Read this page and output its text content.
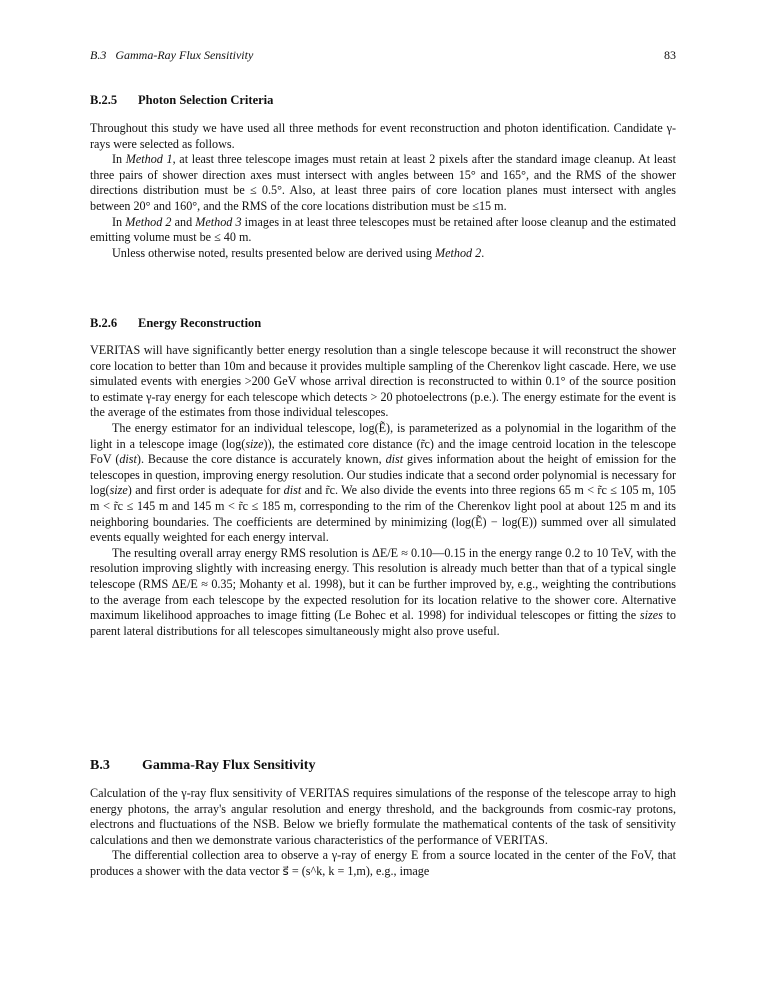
B.3 Gamma-Ray Flux Sensitivity	83
B.2.5 Photon Selection Criteria

Throughout this study we have used all three methods for event reconstruction and photon identification. Candidate γ-rays were selected as follows.

In Method 1, at least three telescope images must retain at least 2 pixels after the standard image cleanup. At least three pairs of shower direction axes must intersect with angles between 15° and 165°, and the RMS of the shower directions distribution must be ≤ 0.5°. Also, at least three pairs of core location planes must intersect with angles between 20° and 160°, and the RMS of the core locations distribution must be ≤15 m.

In Method 2 and Method 3 images in at least three telescopes must be retained after loose cleanup and the estimated emitting volume must be ≤ 40 m.

Unless otherwise noted, results presented below are derived using Method 2.

B.2.6 Energy Reconstruction

VERITAS will have significantly better energy resolution than a single telescope because it will reconstruct the shower core location to better than 10m and because it provides multiple sampling of the Cherenkov light cascade. Here, we use simulated events with energies >200 GeV whose arrival direction is reconstructed to within 0.1° of the source position to estimate γ-ray energy for each telescope which detects > 20 photoelectrons (p.e.). The energy estimate for the event is the average of the estimates from those individual telescopes.

The energy estimator for an individual telescope, log(Ẽ), is parameterized as a polynomial in the logarithm of the light in a telescope image (log(size)), the estimated core distance (r̃c) and the image centroid location in the telescope FoV (dist). Because the core distance is accurately known, dist gives information about the height of emission for the telescopes in question, improving energy resolution. Our studies indicate that a second order polynomial is necessary for log(size) and first order is adequate for dist and r̃c. We also divide the events into three regions 65 m < r̃c ≤ 105 m, 105 m < r̃c ≤ 145 m and 145 m < r̃c ≤ 185 m, corresponding to the rim of the Cherenkov light pool at about 125 m and its neighboring boundaries. The coefficients are determined by minimizing (log(Ẽ) − log(E)) summed over all simulated events equally weighted for each energy interval.

The resulting overall array energy RMS resolution is ΔE/E ≈ 0.10—0.15 in the energy range 0.2 to 10 TeV, with the resolution improving slightly with increasing energy. This resolution is already much better than that of a typical single telescope (RMS ΔE/E ≈ 0.35; Mohanty et al. 1998), but it can be further improved by, e.g., weighting the contributions to the average from each telescope by the expected resolution for its location relative to the shower core. Alternative maximum likelihood approaches to image fitting (Le Bohec et al. 1998) for individual telescopes or fitting the sizes to parent lateral distributions for all telescopes simultaneously might also prove useful.

B.3 Gamma-Ray Flux Sensitivity

Calculation of the γ-ray flux sensitivity of VERITAS requires simulations of the response of the telescope array to high energy photons, the array's angular resolution and energy threshold, and the backgrounds from cosmic-ray protons, electrons and fluctuations of the NSB. Below we briefly formulate the mathematical contents of the task of sensitivity calculations and then we demonstrate various characteristics of the performance of VERITAS.

The differential collection area to observe a γ-ray of energy E from a source located in the center of the FoV, that produces a shower with the data vector s⃗ = (s^k, k = 1,m), e.g., image
